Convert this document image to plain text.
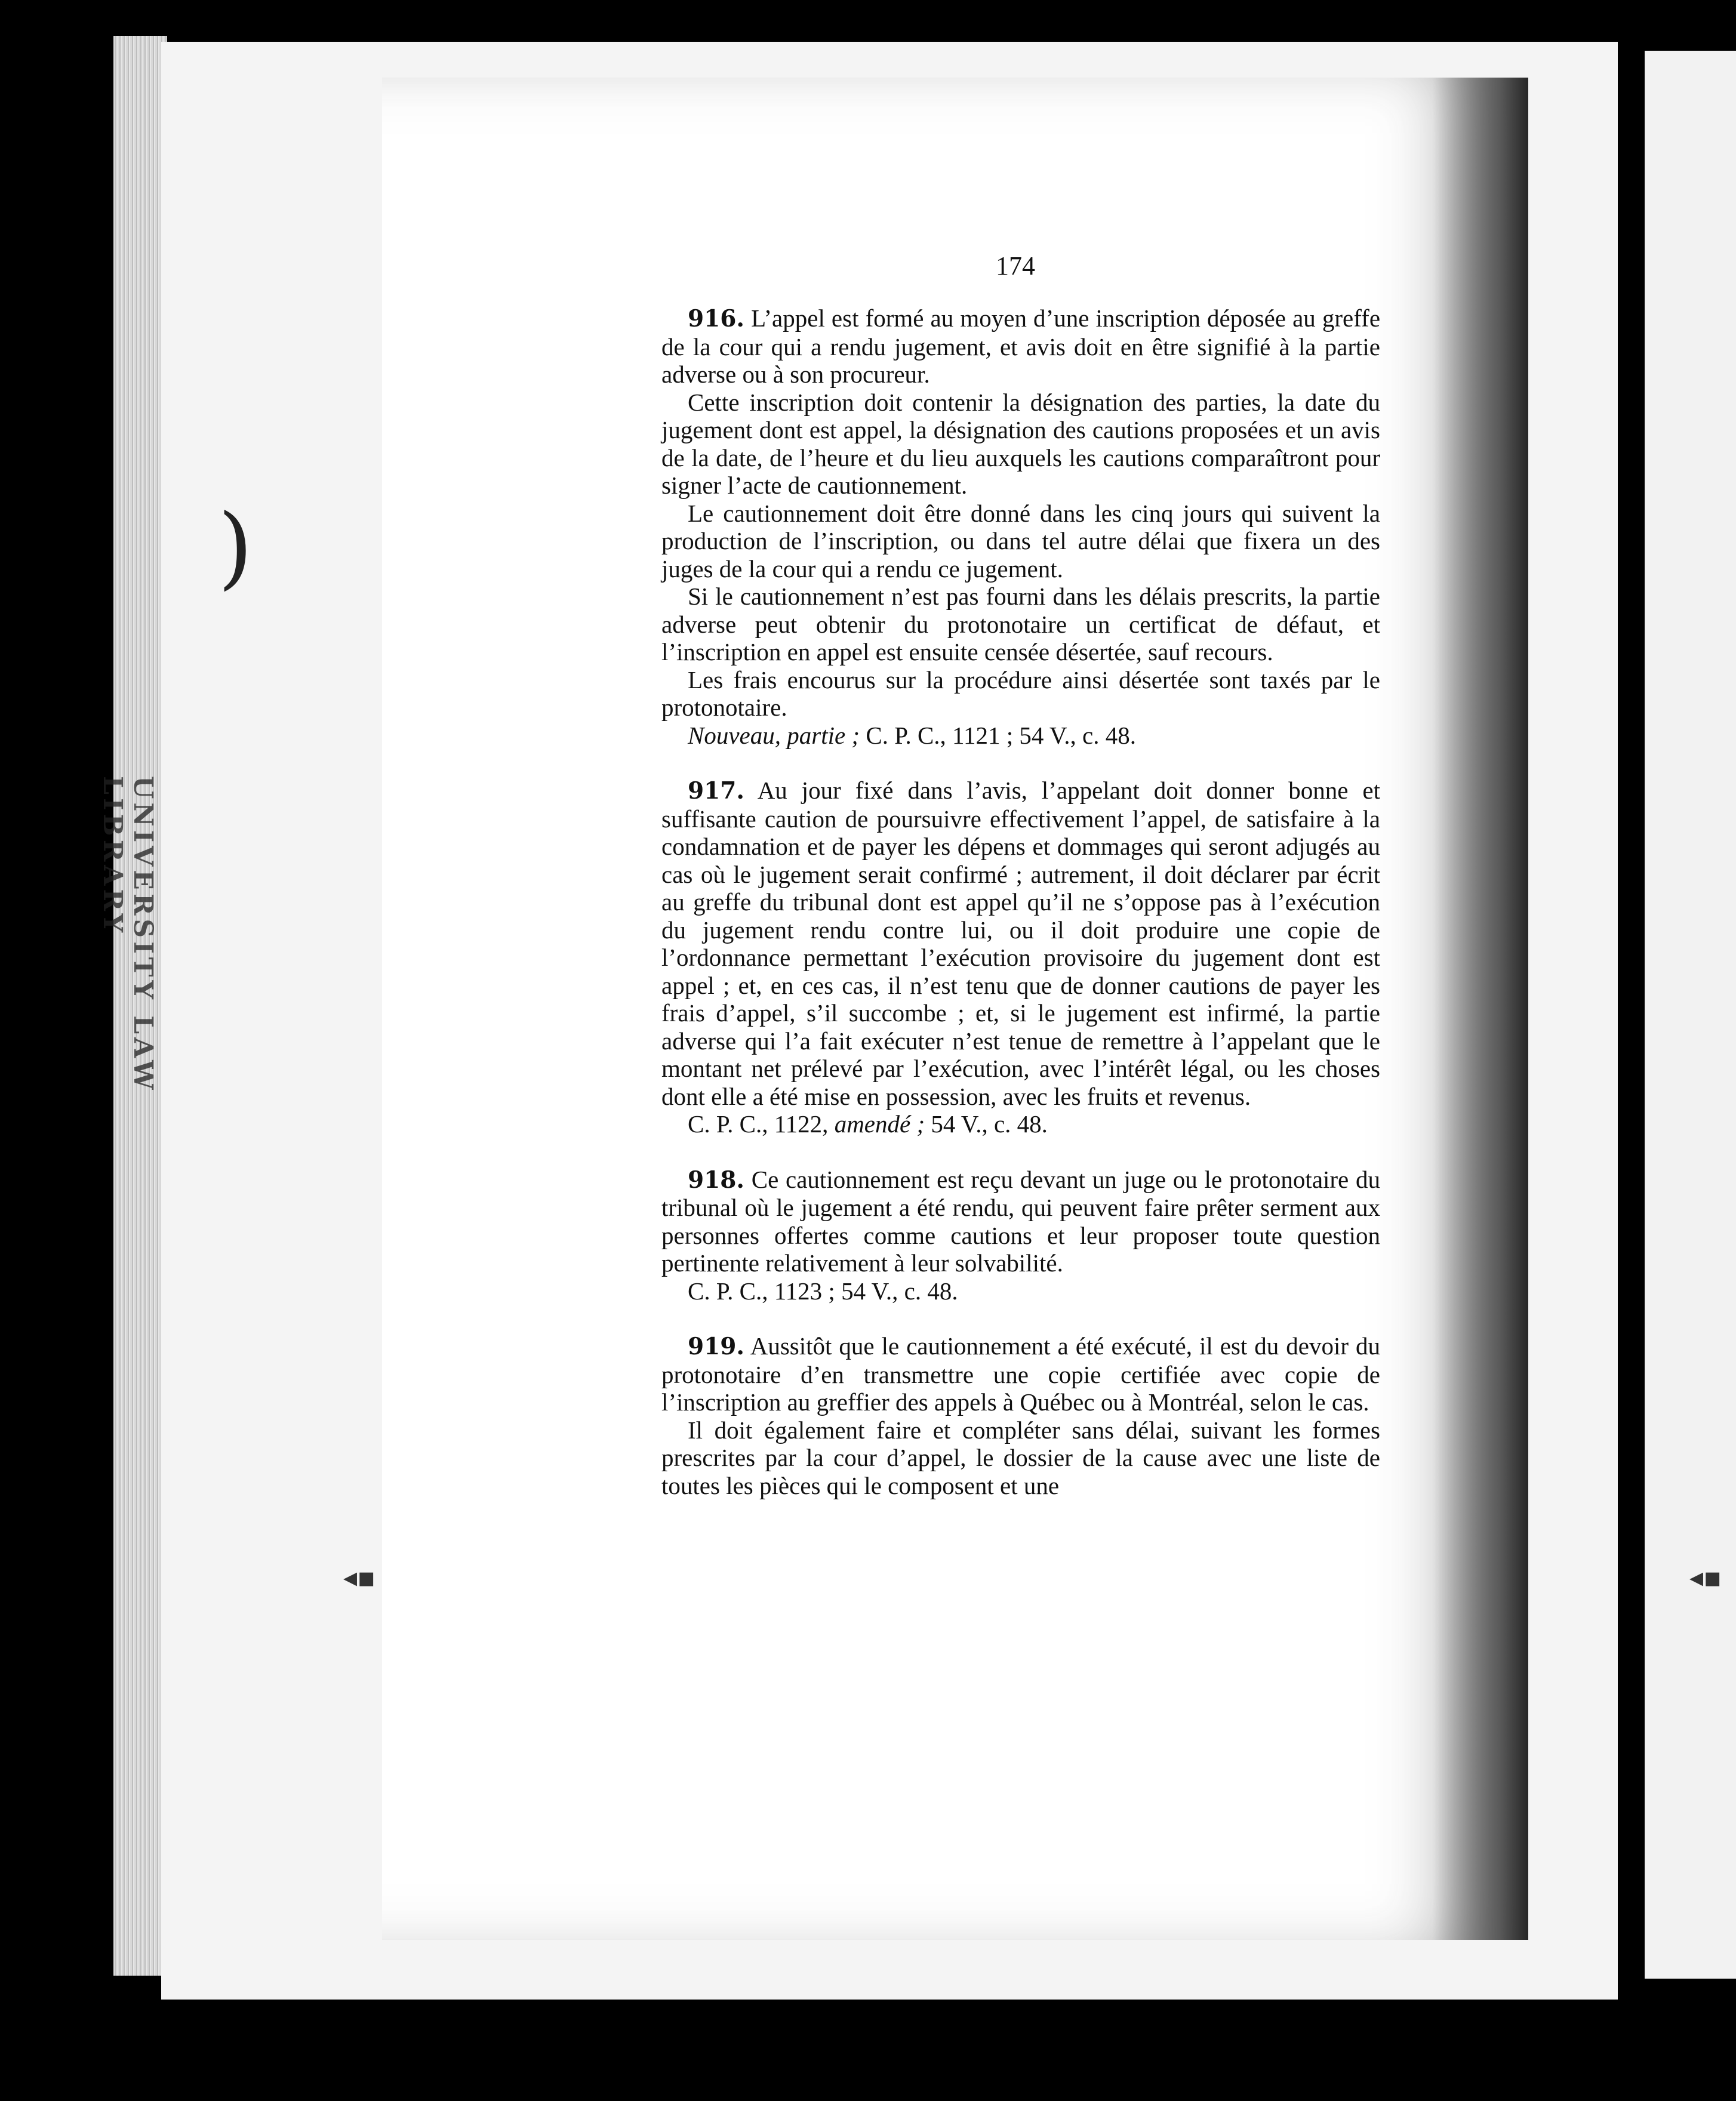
UNIVERSITY LAW LIBRARY
)
◂▪	◂▪
174

916. L’appel est formé au moyen d’une inscription déposée au greffe de la cour qui a rendu jugement, et avis doit en être signifié à la partie adverse ou à son procureur.

Cette inscription doit contenir la désignation des parties, la date du jugement dont est appel, la désignation des cautions proposées et un avis de la date, de l’heure et du lieu auxquels les cautions comparaîtront pour signer l’acte de cautionnement.

Le cautionnement doit être donné dans les cinq jours qui suivent la production de l’inscription, ou dans tel autre délai que fixera un des juges de la cour qui a rendu ce jugement.

Si le cautionnement n’est pas fourni dans les délais prescrits, la partie adverse peut obtenir du protonotaire un certificat de défaut, et l’inscription en appel est ensuite censée désertée, sauf recours.

Les frais encourus sur la procédure ainsi désertée sont taxés par le protonotaire.

Nouveau, partie ; C. P. C., 1121 ; 54 V., c. 48.

917. Au jour fixé dans l’avis, l’appelant doit donner bonne et suffisante caution de poursuivre effectivement l’appel, de satisfaire à la condamnation et de payer les dépens et dommages qui seront adjugés au cas où le jugement serait confirmé ; autrement, il doit déclarer par écrit au greffe du tribunal dont est appel qu’il ne s’oppose pas à l’exécution du jugement rendu contre lui, ou il doit produire une copie de l’ordonnance permettant l’exécution provisoire du jugement dont est appel ; et, en ces cas, il n’est tenu que de donner cautions de payer les frais d’appel, s’il succombe ; et, si le jugement est infirmé, la partie adverse qui l’a fait exécuter n’est tenue de remettre à l’appelant que le montant net prélevé par l’exécution, avec l’intérêt légal, ou les choses dont elle a été mise en possession, avec les fruits et revenus.

C. P. C., 1122, amendé ; 54 V., c. 48.

918. Ce cautionnement est reçu devant un juge ou le protonotaire du tribunal où le jugement a été rendu, qui peuvent faire prêter serment aux personnes offertes comme cautions et leur proposer toute question pertinente relativement à leur solvabilité.

C. P. C., 1123 ; 54 V., c. 48.

919. Aussitôt que le cautionnement a été exécuté, il est du devoir du protonotaire d’en transmettre une copie certifiée avec copie de l’inscription au greffier des appels à Québec ou à Montréal, selon le cas.

Il doit également faire et compléter sans délai, suivant les formes prescrites par la cour d’appel, le dossier de la cause avec une liste de toutes les pièces qui le composent et une
